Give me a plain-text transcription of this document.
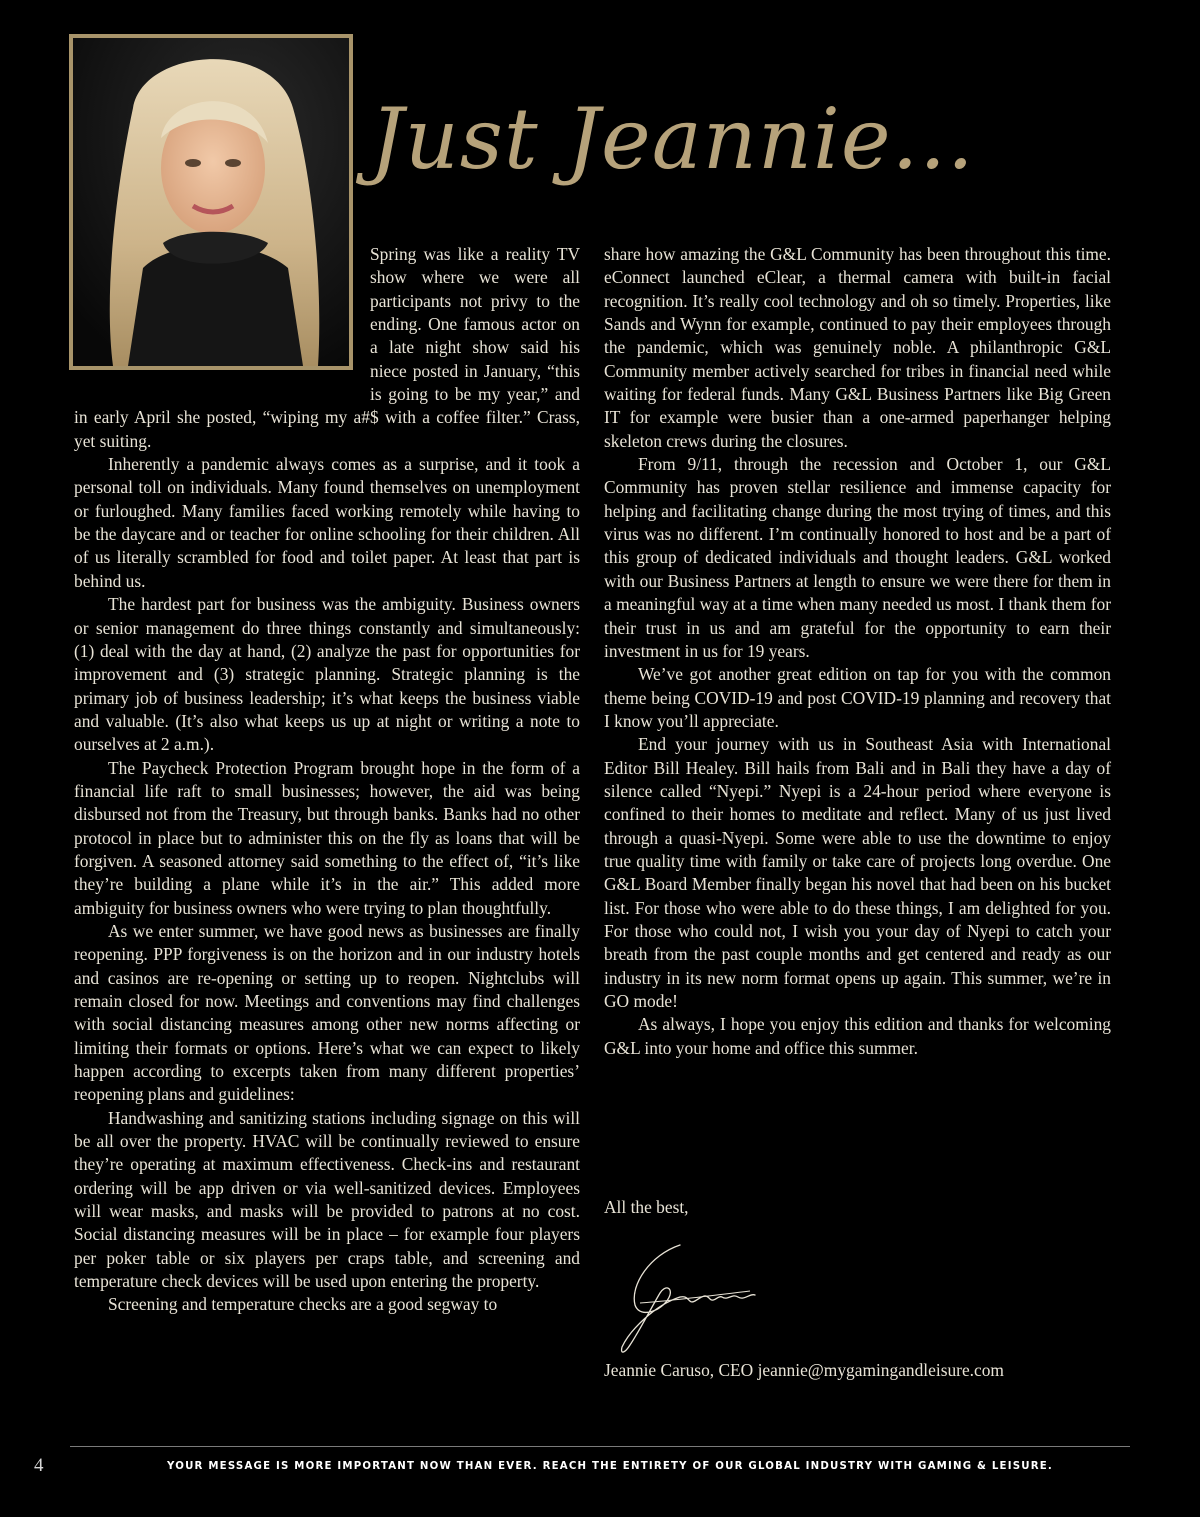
Just Jeannie...

Spring was like a reality TV show where we were all participants not privy to the ending. One famous actor on a late night show said his niece posted in January, “this is going to be my year,” and in early April she posted, “wiping my a#$ with a coffee filter.” Crass, yet suiting.

Inherently a pandemic always comes as a surprise, and it took a personal toll on individuals. Many found themselves on unemployment or furloughed. Many families faced working remotely while having to be the daycare and or teacher for online schooling for their children. All of us literally scrambled for food and toilet paper. At least that part is behind us.

The hardest part for business was the ambiguity. Business owners or senior management do three things constantly and simultaneously: (1) deal with the day at hand, (2) analyze the past for opportunities for improvement and (3) strategic planning. Strategic planning is the primary job of business leadership; it’s what keeps the business viable and valuable. (It’s also what keeps us up at night or writing a note to ourselves at 2 a.m.).

The Paycheck Protection Program brought hope in the form of a financial life raft to small businesses; however, the aid was being disbursed not from the Treasury, but through banks. Banks had no other protocol in place but to administer this on the fly as loans that will be forgiven. A seasoned attorney said something to the effect of, “it’s like they’re building a plane while it’s in the air.” This added more ambiguity for business owners who were trying to plan thoughtfully.

As we enter summer, we have good news as businesses are finally reopening. PPP forgiveness is on the horizon and in our industry hotels and casinos are re-opening or setting up to reopen. Nightclubs will remain closed for now. Meetings and conventions may find challenges with social distancing measures among other new norms affecting or limiting their formats or options. Here’s what we can expect to likely happen according to excerpts taken from many different properties’ reopening plans and guidelines:

Handwashing and sanitizing stations including signage on this will be all over the property. HVAC will be continually reviewed to ensure they’re operating at maximum effectiveness. Check-ins and restaurant ordering will be app driven or via well-sanitized devices. Employees will wear masks, and masks will be provided to patrons at no cost. Social distancing measures will be in place – for example four players per poker table or six players per craps table, and screening and temperature check devices will be used upon entering the property.

Screening and temperature checks are a good segway to

share how amazing the G&L Community has been throughout this time. eConnect launched eClear, a thermal camera with built-in facial recognition. It’s really cool technology and oh so timely. Properties, like Sands and Wynn for example, continued to pay their employees through the pandemic, which was genuinely noble. A philanthropic G&L Community member actively searched for tribes in financial need while waiting for federal funds. Many G&L Business Partners like Big Green IT for example were busier than a one-armed paperhanger helping skeleton crews during the closures.

From 9/11, through the recession and October 1, our G&L Community has proven stellar resilience and immense capacity for helping and facilitating change during the most trying of times, and this virus was no different. I’m continually honored to host and be a part of this group of dedicated individuals and thought leaders. G&L worked with our Business Partners at length to ensure we were there for them in a meaningful way at a time when many needed us most. I thank them for their trust in us and am grateful for the opportunity to earn their investment in us for 19 years.

We’ve got another great edition on tap for you with the common theme being COVID-19 and post COVID-19 planning and recovery that I know you’ll appreciate.

End your journey with us in Southeast Asia with International Editor Bill Healey. Bill hails from Bali and in Bali they have a day of silence called “Nyepi.” Nyepi is a 24-hour period where everyone is confined to their homes to meditate and reflect. Many of us just lived through a quasi-Nyepi. Some were able to use the downtime to enjoy true quality time with family or take care of projects long overdue. One G&L Board Member finally began his novel that had been on his bucket list. For those who were able to do these things, I am delighted for you. For those who could not, I wish you your day of Nyepi to catch your breath from the past couple months and get centered and ready as our industry in its new norm format opens up again. This summer, we’re in GO mode!

As always, I hope you enjoy this edition and thanks for welcoming G&L into your home and office this summer.

All the best,
Jeannie Caruso, CEO jeannie@mygamingandleisure.com
4	YOUR MESSAGE IS MORE IMPORTANT NOW THAN EVER. REACH THE ENTIRETY OF OUR GLOBAL INDUSTRY WITH GAMING & LEISURE.
